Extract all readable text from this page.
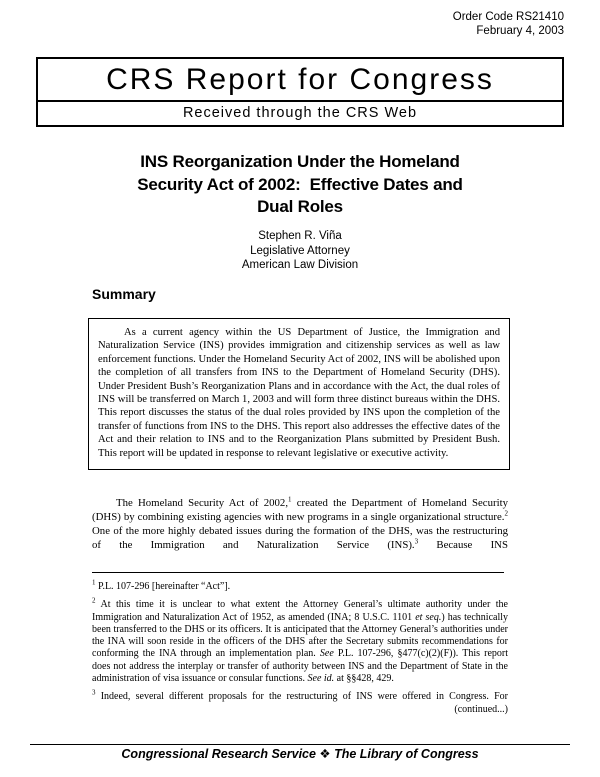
Order Code RS21410
February 4, 2003
CRS Report for Congress
Received through the CRS Web
INS Reorganization Under the Homeland
Security Act of 2002:  Effective Dates and
Dual Roles
Stephen R. Viña
Legislative Attorney
American Law Division
Summary

As a current agency within the US Department of Justice, the Immigration and Naturalization Service (INS) provides immigration and citizenship services as well as law enforcement functions. Under the Homeland Security Act of 2002, INS will be abolished upon the completion of all transfers from INS to the Department of Homeland Security (DHS). Under President Bush’s Reorganization Plans and in accordance with the Act, the dual roles of INS will be transferred on March 1, 2003 and will form three distinct bureaus within the DHS. This report discusses the status of the dual roles provided by INS upon the completion of the transfer of functions from INS to the DHS. This report also addresses the effective dates of the Act and their relation to INS and to the Reorganization Plans submitted by President Bush. This report will be updated in response to relevant legislative or executive activity.

The Homeland Security Act of 2002,$^1$ created the Department of Homeland Security (DHS) by combining existing agencies with new programs in a single organizational structure.$^2$ One of the more highly debated issues during the formation of the DHS, was the restructuring of the Immigration and Naturalization Service (INS).$^3$ Because INS

$^1$ P.L. 107-296 [hereinafter “Act”].

$^2$ At this time it is unclear to what extent the Attorney General’s ultimate authority under the Immigration and Naturalization Act of 1952, as amended (INA; 8 U.S.C. 1101 et seq.) has technically been transferred to the DHS or its officers. It is anticipated that the Attorney General’s authorities under the INA will soon reside in the officers of the DHS after the Secretary submits recommendations for conforming the INA through an implementation plan. See P.L. 107-296, §477(c)(2)(F)). This report does not address the interplay or transfer of authority between INS and the Department of State in the administration of visa issuance or consular functions. See id. at §§428, 429.

$^3$ Indeed, several different proposals for the restructuring of INS were offered in Congress. For

(continued...)

Congressional Research Service ❖ The Library of Congress
